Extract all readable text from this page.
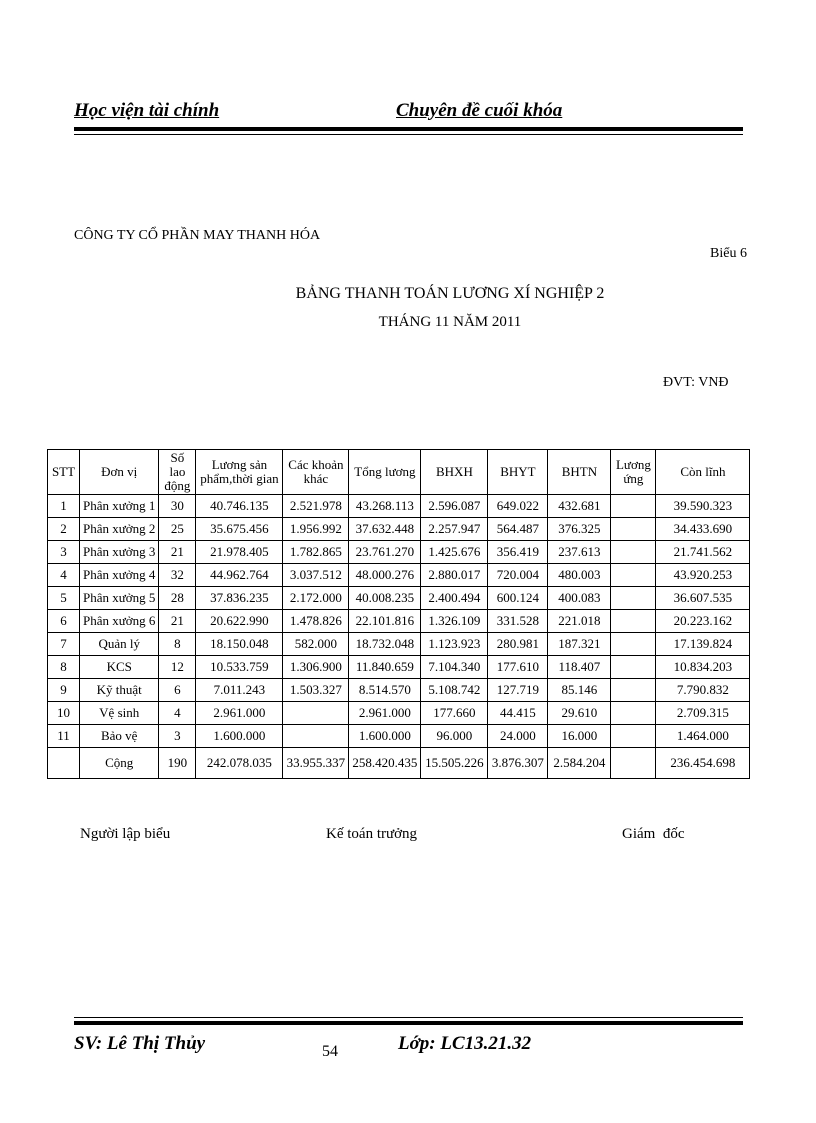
Học viện tài chính	Chuyên đề cuối khóa
CÔNG TY CỔ PHẦN MAY THANH HÓA
Biểu 6
BẢNG THANH TOÁN LƯƠNG XÍ NGHIỆP 2
THÁNG 11 NĂM 2011
ĐVT: VNĐ
STT	Đơn vị	Số lao động	Lương sản phẩm,thời gian	Các khoản khác	Tổng lương	BHXH	BHYT	BHTN	Lương ứng	Còn lĩnh
1	Phân xưởng 1	30	40.746.135	2.521.978	43.268.113	2.596.087	649.022	432.681		39.590.323
2	Phân xưởng 2	25	35.675.456	1.956.992	37.632.448	2.257.947	564.487	376.325		34.433.690
3	Phân xưởng 3	21	21.978.405	1.782.865	23.761.270	1.425.676	356.419	237.613		21.741.562
4	Phân xưởng 4	32	44.962.764	3.037.512	48.000.276	2.880.017	720.004	480.003		43.920.253
5	Phân xưởng 5	28	37.836.235	2.172.000	40.008.235	2.400.494	600.124	400.083		36.607.535
6	Phân xưởng 6	21	20.622.990	1.478.826	22.101.816	1.326.109	331.528	221.018		20.223.162
7	Quản lý	8	18.150.048	582.000	18.732.048	1.123.923	280.981	187.321		17.139.824
8	KCS	12	10.533.759	1.306.900	11.840.659	7.104.340	177.610	118.407		10.834.203
9	Kỹ thuật	6	7.011.243	1.503.327	8.514.570	5.108.742	127.719	85.146		7.790.832
10	Vệ sinh	4	2.961.000		2.961.000	177.660	44.415	29.610		2.709.315
11	Bảo vệ	3	1.600.000		1.600.000	96.000	24.000	16.000		1.464.000
	Cộng	190	242.078.035	33.955.337	258.420.435	15.505.226	3.876.307	2.584.204		236.454.698
Người lập biểu	Kế toán trưởng	Giám  đốc
SV: Lê Thị Thủy	54	Lớp: LC13.21.32
